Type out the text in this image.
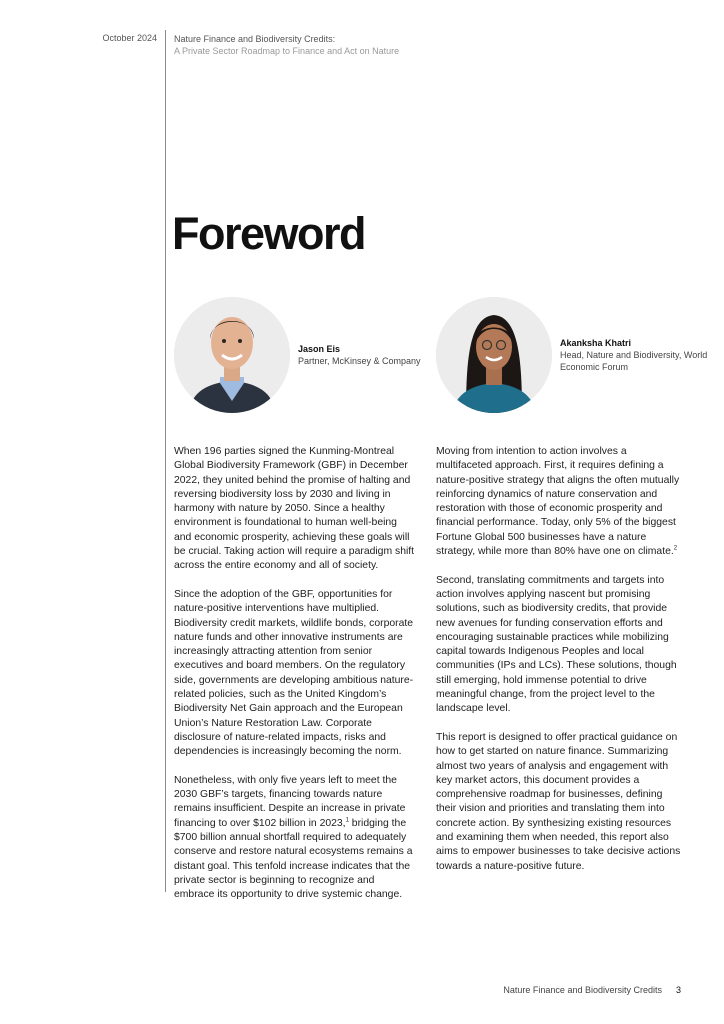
October 2024 Nature Finance and Biodiversity Credits:
A Private Sector Roadmap to Finance and Act on Nature
Foreword
Jason Eis
Partner, McKinsey & Company
Akanksha Khatri
Head, Nature and Biodiversity, World Economic Forum

When 196 parties signed the Kunming-Montreal Global Biodiversity Framework (GBF) in December 2022, they united behind the promise of halting and reversing biodiversity loss by 2030 and living in harmony with nature by 2050. Since a healthy environment is foundational to human well-being and economic prosperity, achieving these goals will be crucial. Taking action will require a paradigm shift across the entire economy and all of society.

Since the adoption of the GBF, opportunities for nature-positive interventions have multiplied. Biodiversity credit markets, wildlife bonds, corporate nature funds and other innovative instruments are increasingly attracting attention from senior executives and board members. On the regulatory side, governments are developing ambitious nature-related policies, such as the United Kingdom’s Biodiversity Net Gain approach and the European Union’s Nature Restoration Law. Corporate disclosure of nature-related impacts, risks and dependencies is increasingly becoming the norm.

Nonetheless, with only five years left to meet the 2030 GBF’s targets, financing towards nature remains insufficient. Despite an increase in private financing to over $102 billion in 2023,$^1$ bridging the $700 billion annual shortfall required to adequately conserve and restore natural ecosystems remains a distant goal. This tenfold increase indicates that the private sector is beginning to recognize and embrace its opportunity to drive systemic change.

Moving from intention to action involves a multifaceted approach. First, it requires defining a nature-positive strategy that aligns the often mutually reinforcing dynamics of nature conservation and restoration with those of economic prosperity and financial performance. Today, only 5% of the biggest Fortune Global 500 businesses have a nature strategy, while more than 80% have one on climate.$^2$

Second, translating commitments and targets into action involves applying nascent but promising solutions, such as biodiversity credits, that provide new avenues for funding conservation efforts and encouraging sustainable practices while mobilizing capital towards Indigenous Peoples and local communities (IPs and LCs). These solutions, though still emerging, hold immense potential to drive meaningful change, from the project level to the landscape level.

This report is designed to offer practical guidance on how to get started on nature finance. Summarizing almost two years of analysis and engagement with key market actors, this document provides a comprehensive roadmap for businesses, defining their vision and priorities and translating them into concrete action. By synthesizing existing resources and examining them when needed, this report also aims to empower businesses to take decisive actions towards a nature-positive future.

Nature Finance and Biodiversity Credits 3
